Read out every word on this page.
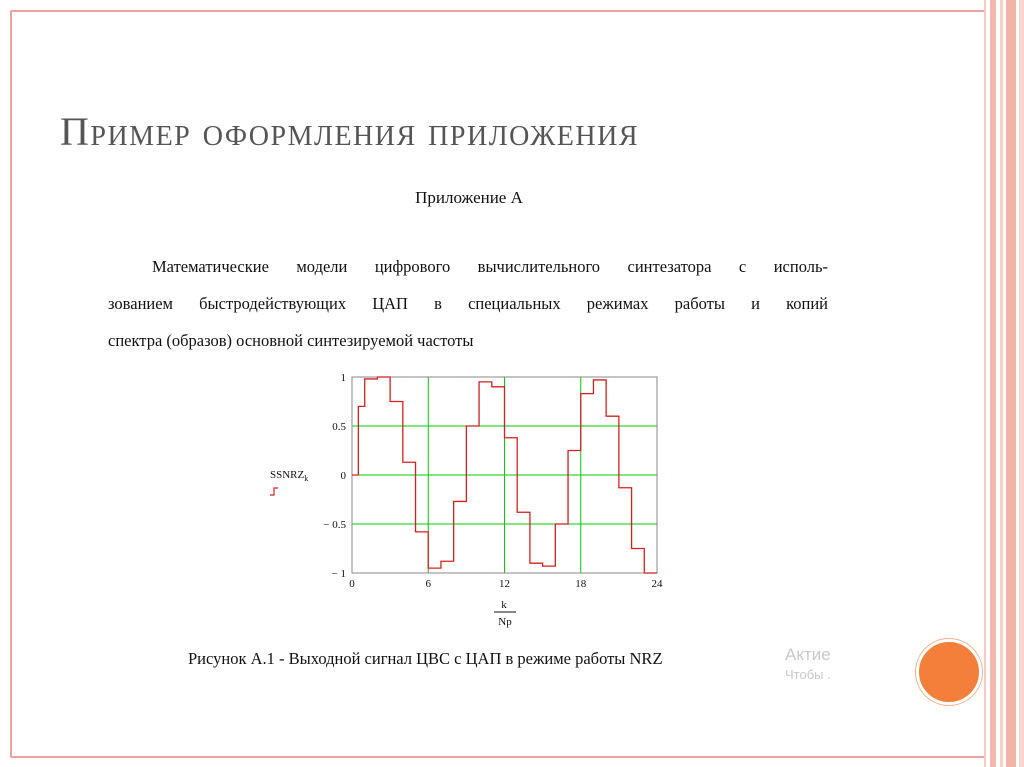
Пример оформления приложения
Приложение А
Математические модели цифрового вычислительного синтезатора с исполь-
зованием быстродействующих ЦАП в специальных режимах работы и копий
спектра (образов) основной синтезируемой частоты
1
0.5
0
− 0.5
− 1
0	6	12	18	24
$SSNRZ_k$
k
Np
Рисунок А.1 - Выходной сигнал ЦВС с ЦАП в режиме работы NRZ	Актие
Чтобы .
